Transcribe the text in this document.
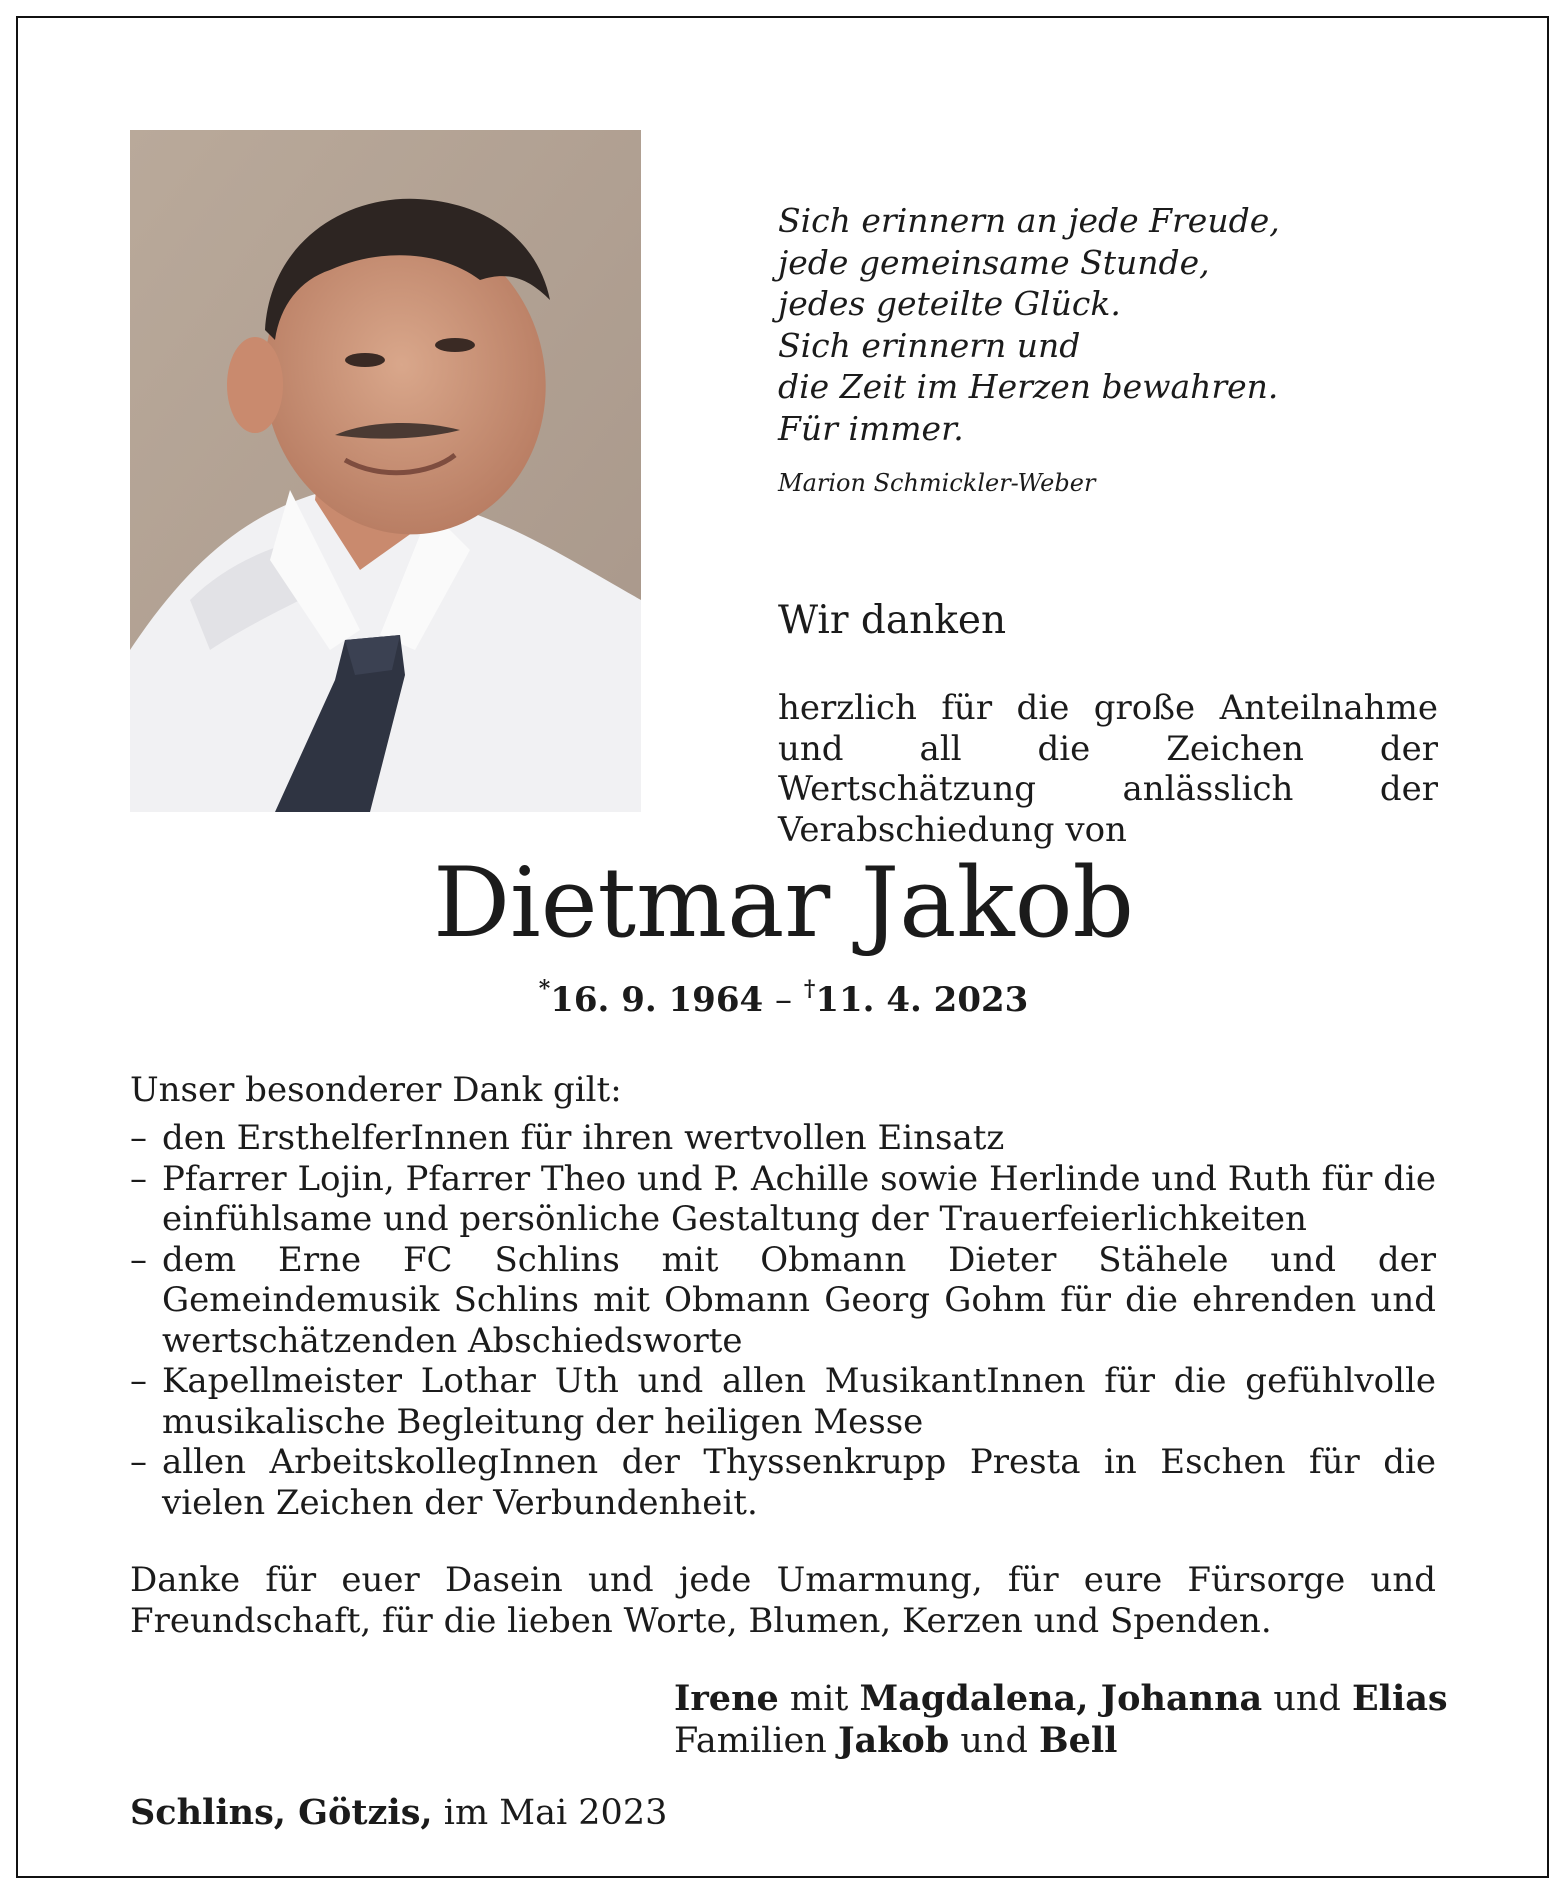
Sich erinnern an jede Freude,
jede gemeinsame Stunde,
jedes geteilte Glück.
Sich erinnern und
die Zeit im Herzen bewahren.
Für immer.
Marion Schmickler-Weber
Wir danken
herzlich für die große Anteilnahme und all die Zeichen der Wertschätzung anlässlich der Verabschiedung von
Dietmar Jakob
*16. 9. 1964 – †11. 4. 2023
Unser besonderer Dank gilt:
– den ErsthelferInnen für ihren wertvollen Einsatz
– Pfarrer Lojin, Pfarrer Theo und P. Achille sowie Herlinde und Ruth für die einfühlsame und persönliche Gestaltung der Trauerfeierlichkeiten
– dem Erne FC Schlins mit Obmann Dieter Stähele und der Gemeindemusik Schlins mit Obmann Georg Gohm für die ehrenden und wertschätzenden Abschiedsworte
– Kapellmeister Lothar Uth und allen MusikantInnen für die gefühlvolle musikalische Begleitung der heiligen Messe
– allen ArbeitskollegInnen der Thyssenkrupp Presta in Eschen für die vielen Zeichen der Verbundenheit.
Danke für euer Dasein und jede Umarmung, für eure Fürsorge und Freundschaft, für die lieben Worte, Blumen, Kerzen und Spenden.
Irene mit Magdalena, Johanna und Elias
Familien Jakob und Bell
Schlins, Götzis, im Mai 2023
